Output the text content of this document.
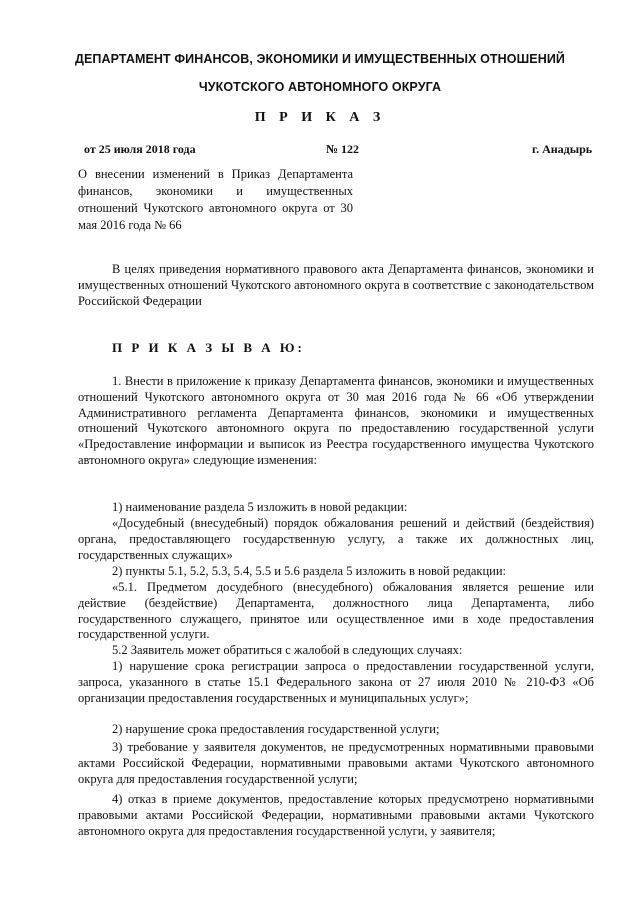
ДЕПАРТАМЕНТ ФИНАНСОВ, ЭКОНОМИКИ И ИМУЩЕСТВЕННЫХ ОТНОШЕНИЙ
ЧУКОТСКОГО АВТОНОМНОГО ОКРУГА
П Р И К А З
от 25 июля 2018 года	№ 122	г. Анадырь
О внесении изменений в Приказ Департамента финансов, экономики и имущественных отношений Чукотского автономного округа от 30 мая 2016 года № 66
В целях приведения нормативного правового акта Департамента финансов, экономики и имущественных отношений Чукотского автономного округа в соответствие с законодательством Российской Федерации
П Р И К А З Ы В А Ю:
1. Внести в приложение к приказу Департамента финансов, экономики и имущественных отношений Чукотского автономного округа от 30 мая 2016 года № 66 «Об утверждении Административного регламента Департамента финансов, экономики и имущественных отношений Чукотского автономного округа по предоставлению государственной услуги «Предоставление информации и выписок из Реестра государственного имущества Чукотского автономного округа» следующие изменения:
1) наименование раздела 5 изложить в новой редакции:
«Досудебный (внесудебный) порядок обжалования решений и действий (бездействия) органа, предоставляющего государственную услугу, а также их должностных лиц, государственных служащих»
2) пункты 5.1, 5.2, 5.3, 5.4, 5.5 и 5.6 раздела 5 изложить в новой редакции:
«5.1. Предметом досудебного (внесудебного) обжалования является решение или действие (бездействие) Департамента, должностного лица Департамента, либо государственного служащего, принятое или осуществленное ими в ходе предоставления государственной услуги.
5.2 Заявитель может обратиться с жалобой в следующих случаях:
1) нарушение срока регистрации запроса о предоставлении государственной услуги, запроса, указанного в статье 15.1 Федерального закона от 27 июля 2010 № 210-ФЗ «Об организации предоставления государственных и муниципальных услуг»;
2) нарушение срока предоставления государственной услуги;
3) требование у заявителя документов, не предусмотренных нормативными правовыми актами Российской Федерации, нормативными правовыми актами Чукотского автономного округа для предоставления государственной услуги;
4) отказ в приеме документов, предоставление которых предусмотрено нормативными правовыми актами Российской Федерации, нормативными правовыми актами Чукотского автономного округа для предоставления государственной услуги, у заявителя;
